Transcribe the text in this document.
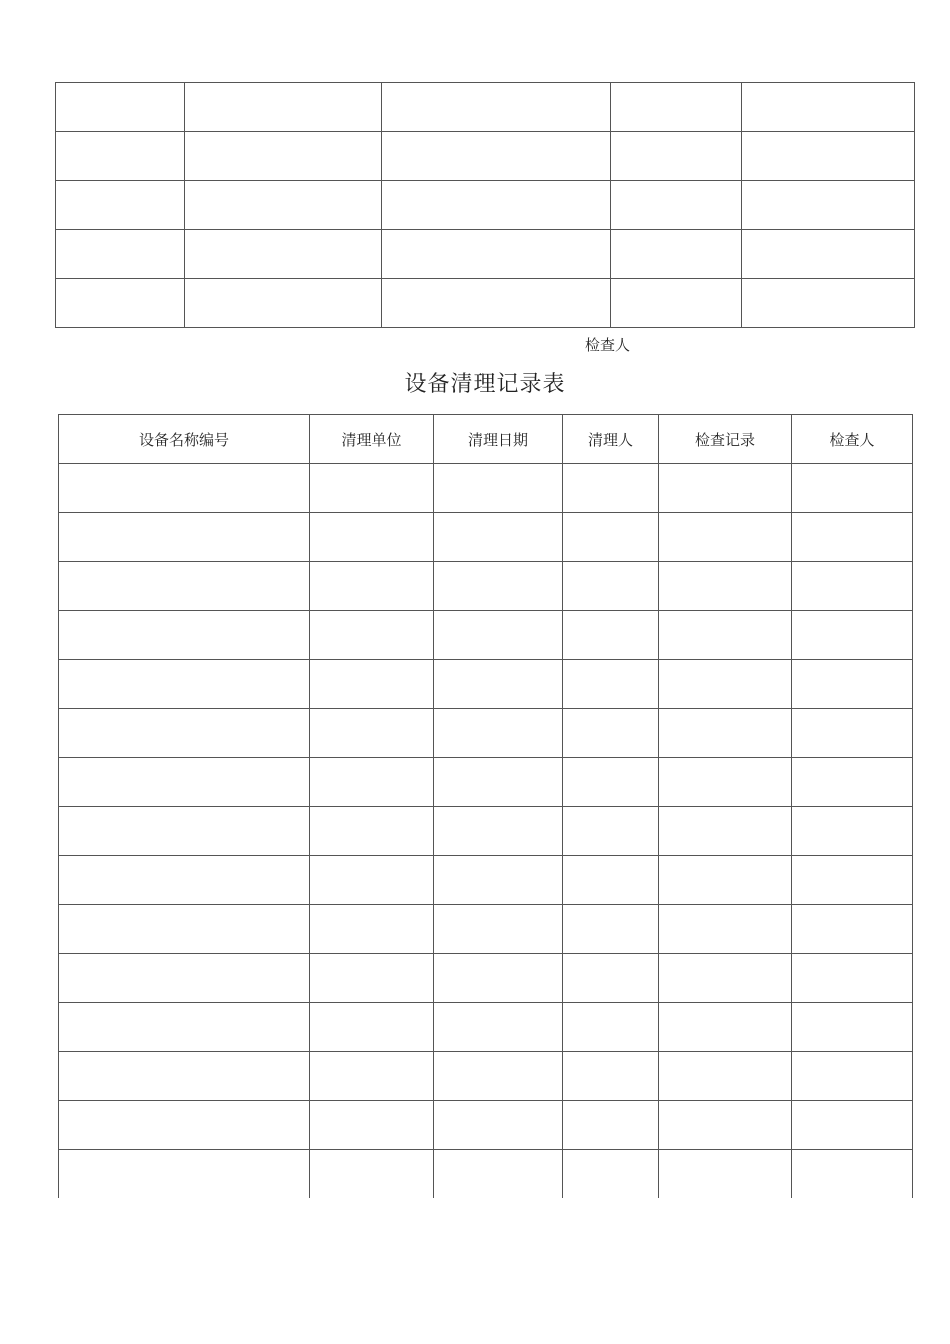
检查人
设备清理记录表
设备名称编号	清理单位	清理日期	清理人	检查记录	检查人
